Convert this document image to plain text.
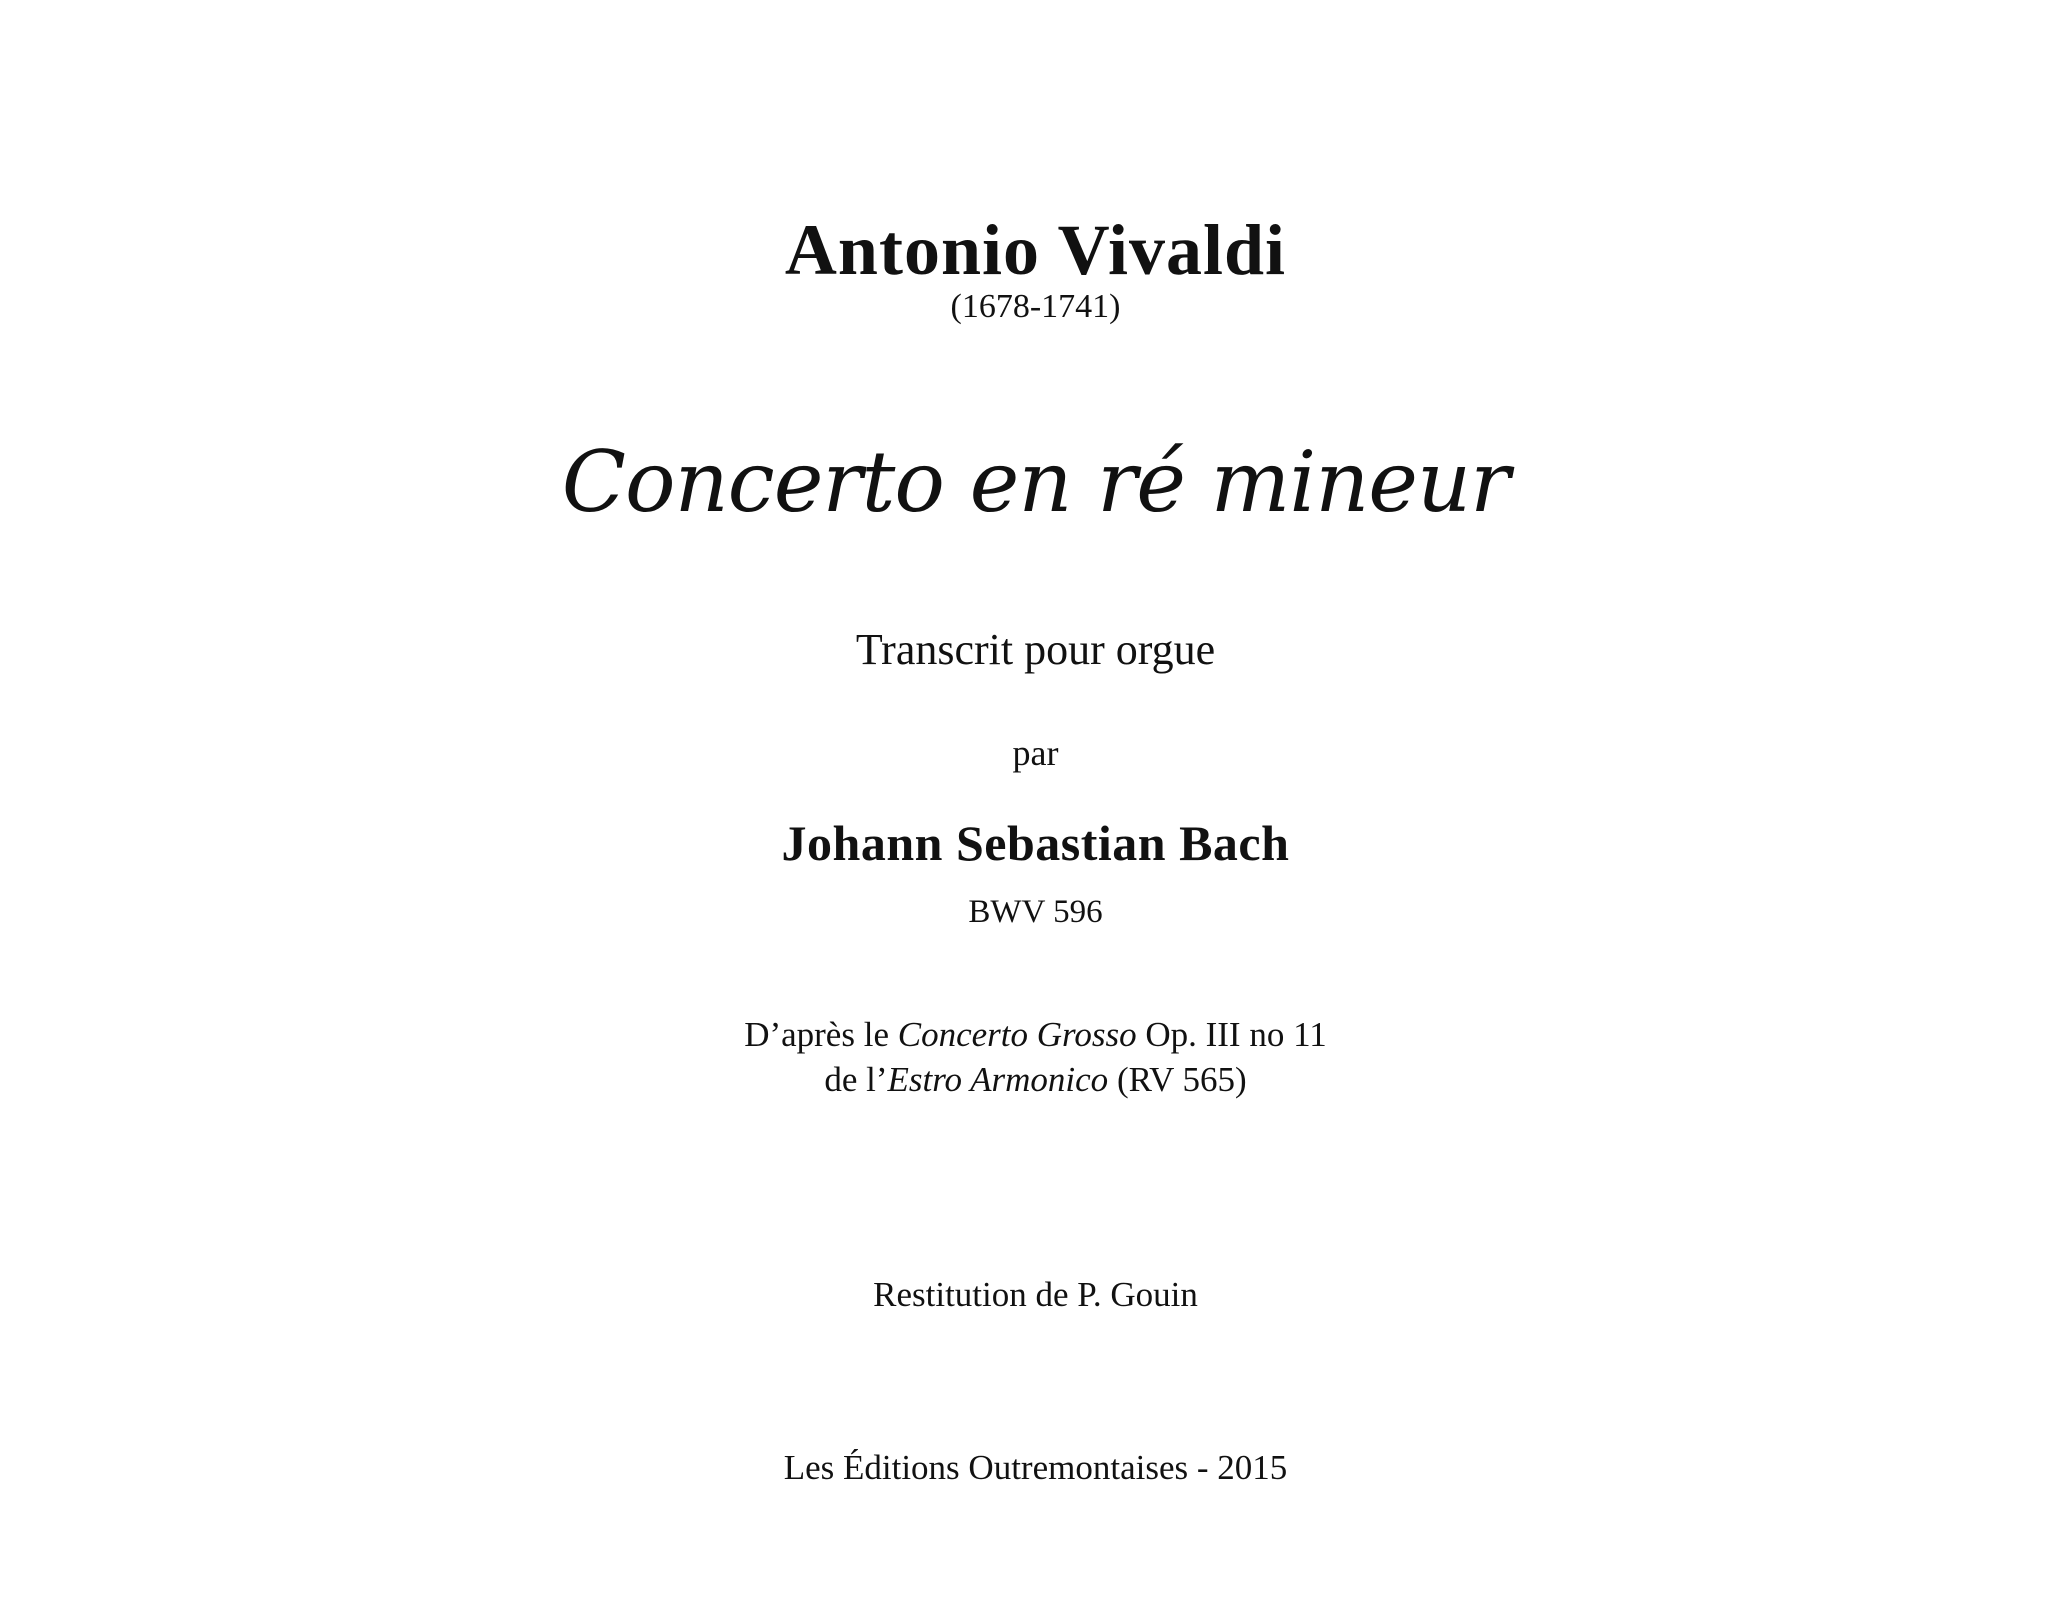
Antonio Vivaldi
(1678-1741)
Concerto en ré mineur
Transcrit pour orgue
par
Johann Sebastian Bach
BWV 596
D’après le Concerto Grosso Op. III no 11
de l’Estro Armonico (RV 565)
Restitution de P. Gouin
Les Éditions Outremontaises - 2015
